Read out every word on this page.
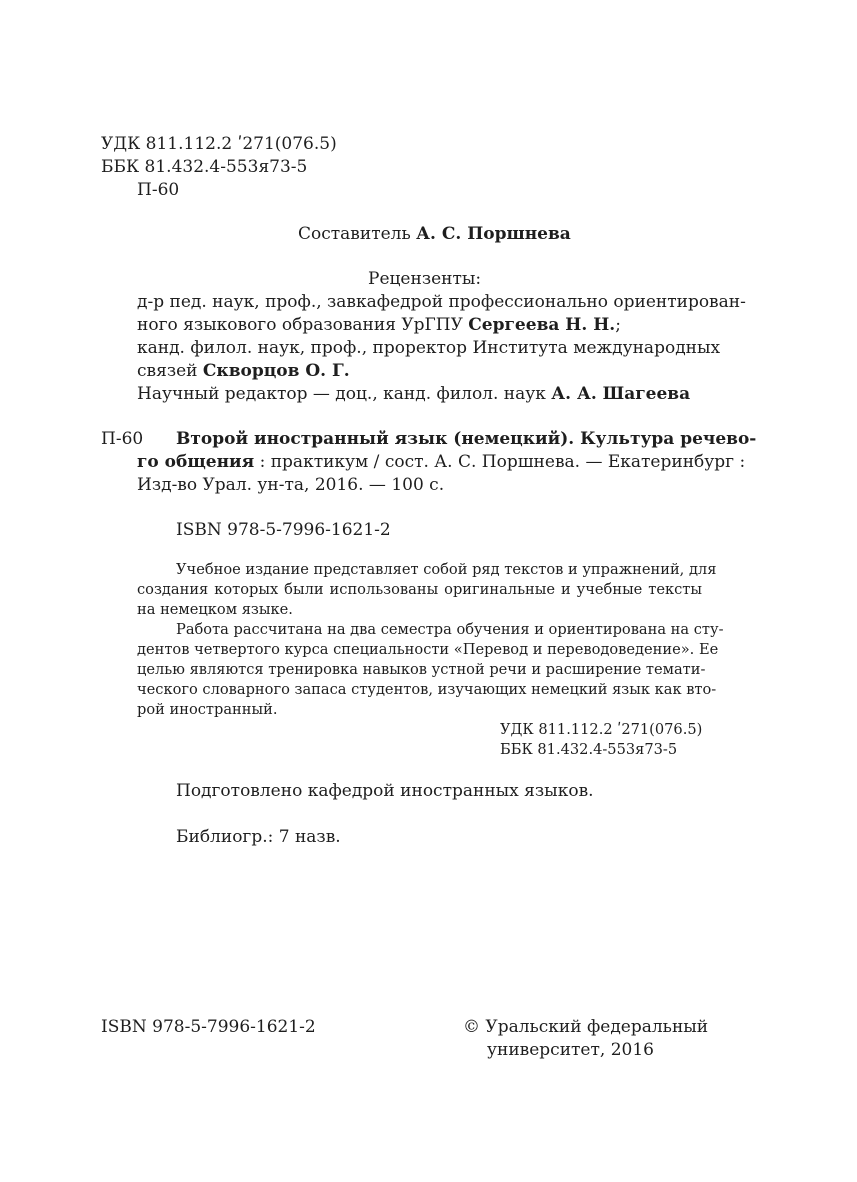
УДК 811.112.2 ʹ271(076.5)
ББК 81.432.4-553я73-5
П-60
Составитель А. С. Поршнева
Рецензенты:
д-р пед. наук, проф., завкафедрой профессионально ориентирован-
ного языкового образования УрГПУ Сергеева Н. Н.;
канд. филол. наук, проф., проректор Института международных
связей Скворцов О. Г.
Научный редактор — доц., канд. филол. наук А. А. Шагеева
П-60 Второй иностранный язык (немецкий). Культура речево-
го общения : практикум / сост. А. С. Поршнева. — Екатеринбург :
Изд-во Урал. ун-та, 2016. — 100 с.
ISBN 978-5-7996-1621-2
Учебное издание представляет собой ряд текстов и упражнений, для
создания которых были использованы оригинальные и учебные тексты
на немецком языке.
Работа рассчитана на два семестра обучения и ориентирована на сту-
дентов четвертого курса специальности «Перевод и переводоведение». Ее
целью являются тренировка навыков устной речи и расширение темати-
ческого словарного запаса студентов, изучающих немецкий язык как вто-
рой иностранный.
УДК 811.112.2 ʹ271(076.5)
ББК 81.432.4-553я73-5
Подготовлено кафедрой иностранных языков.
Библиогр.: 7 назв.
ISBN 978-5-7996-1621-2	© Уральский федеральный
университет, 2016
